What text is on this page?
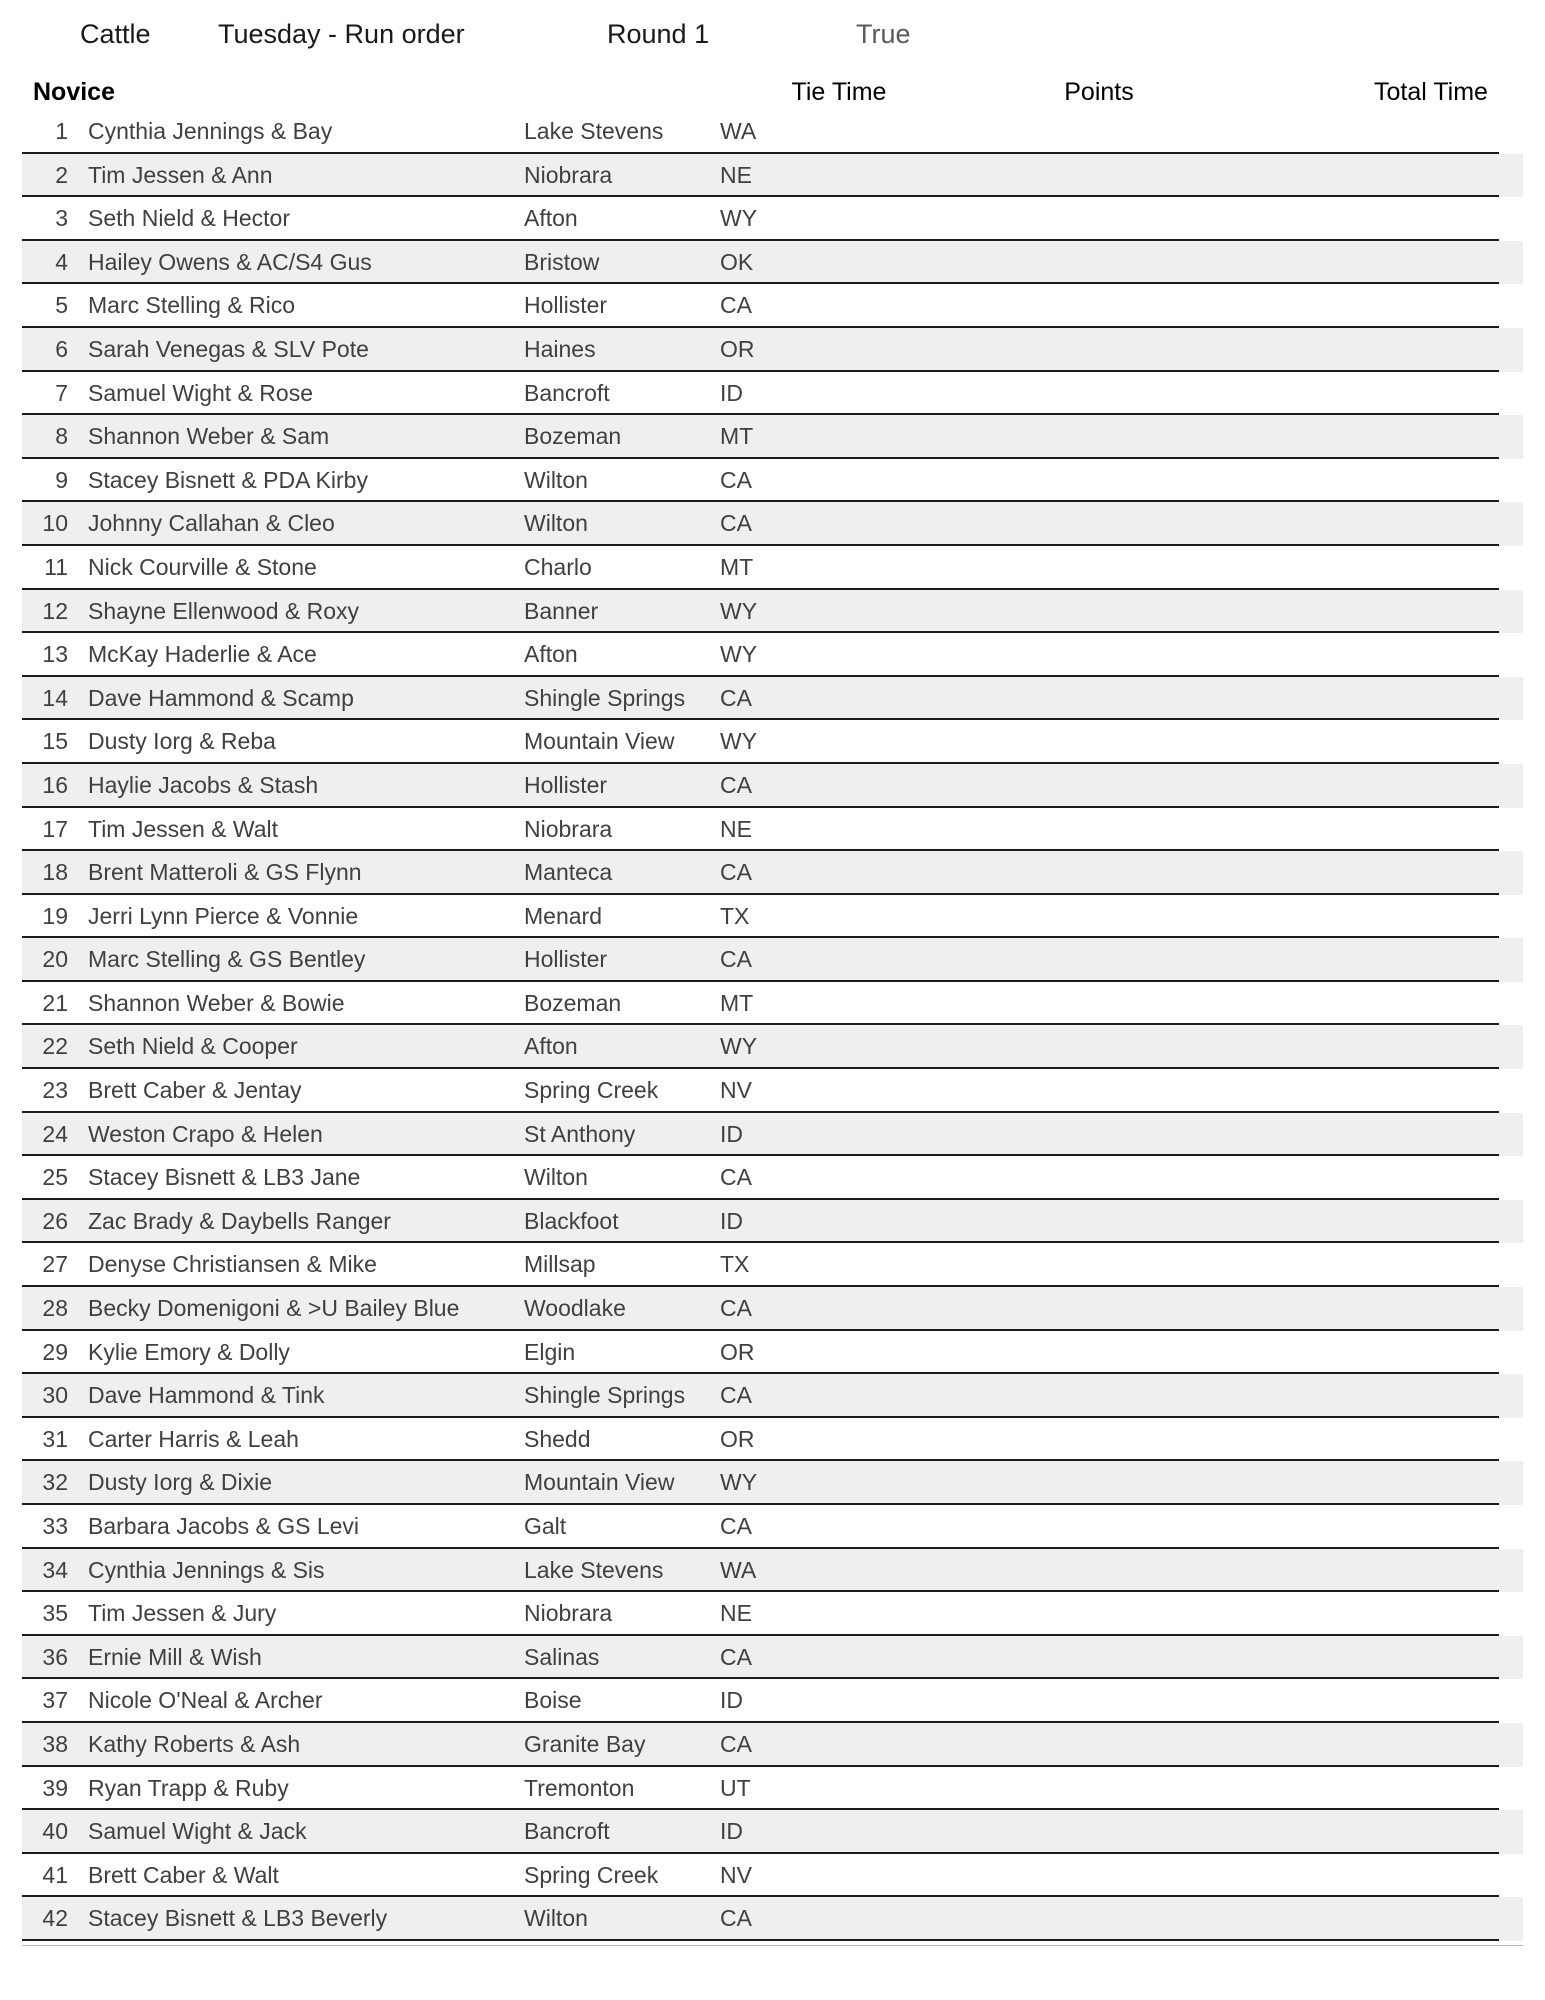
Cattle Tuesday - Run order	Round 1	True
Novice	Tie Time	Points	Total Time
1 Cynthia Jennings & Bay	Lake Stevens	WA
2 Tim Jessen & Ann	Niobrara	NE
3 Seth Nield & Hector	Afton	WY
4 Hailey Owens & AC/S4 Gus	Bristow	OK
5 Marc Stelling & Rico	Hollister	CA
6 Sarah Venegas & SLV Pote	Haines	OR
7 Samuel Wight & Rose	Bancroft	ID
8 Shannon Weber & Sam	Bozeman	MT
9 Stacey Bisnett & PDA Kirby	Wilton	CA
10 Johnny Callahan & Cleo	Wilton	CA
11 Nick Courville & Stone	Charlo	MT
12 Shayne Ellenwood & Roxy	Banner	WY
13 McKay Haderlie & Ace	Afton	WY
14 Dave Hammond & Scamp	Shingle Springs	CA
15 Dusty Iorg & Reba	Mountain View	WY
16 Haylie Jacobs & Stash	Hollister	CA
17 Tim Jessen & Walt	Niobrara	NE
18 Brent Matteroli & GS Flynn	Manteca	CA
19 Jerri Lynn Pierce & Vonnie	Menard	TX
20 Marc Stelling & GS Bentley	Hollister	CA
21 Shannon Weber & Bowie	Bozeman	MT
22 Seth Nield & Cooper	Afton	WY
23 Brett Caber & Jentay	Spring Creek	NV
24 Weston Crapo & Helen	St Anthony	ID
25 Stacey Bisnett & LB3 Jane	Wilton	CA
26 Zac Brady & Daybells Ranger	Blackfoot	ID
27 Denyse Christiansen & Mike	Millsap	TX
28 Becky Domenigoni & >U Bailey Blue	Woodlake	CA
29 Kylie Emory & Dolly	Elgin	OR
30 Dave Hammond & Tink	Shingle Springs	CA
31 Carter Harris & Leah	Shedd	OR
32 Dusty Iorg & Dixie	Mountain View	WY
33 Barbara Jacobs & GS Levi	Galt	CA
34 Cynthia Jennings & Sis	Lake Stevens	WA
35 Tim Jessen & Jury	Niobrara	NE
36 Ernie Mill & Wish	Salinas	CA
37 Nicole O'Neal & Archer	Boise	ID
38 Kathy Roberts & Ash	Granite Bay	CA
39 Ryan Trapp & Ruby	Tremonton	UT
40 Samuel Wight & Jack	Bancroft	ID
41 Brett Caber & Walt	Spring Creek	NV
42 Stacey Bisnett & LB3 Beverly	Wilton	CA
